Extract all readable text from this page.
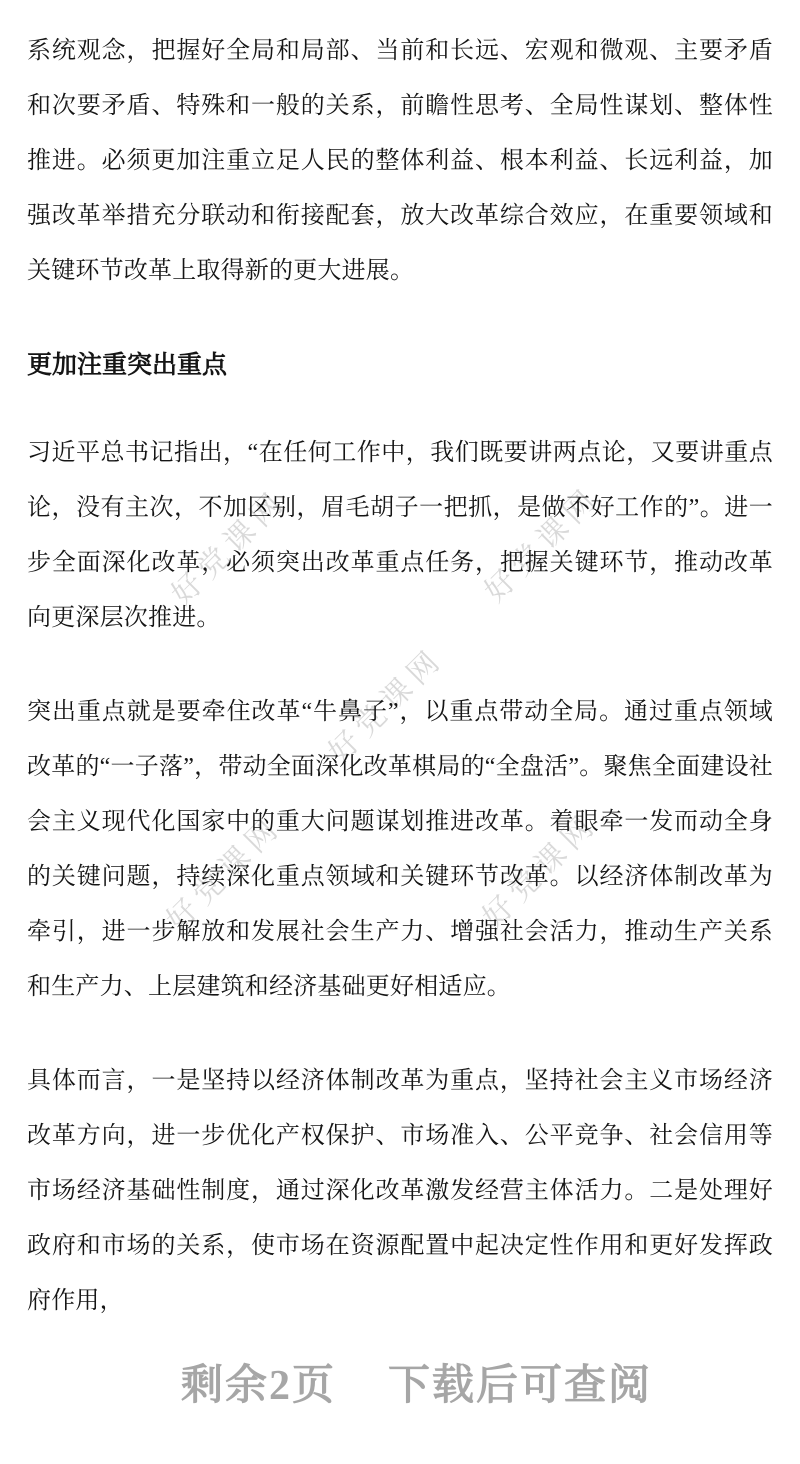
好党课网	好党课网
好党课网
好党课网	好党课网
系统观念，把握好全局和局部、当前和长远、宏观和微观、主要矛盾和次要矛盾、特殊和一般的关系，前瞻性思考、全局性谋划、整体性推进。必须更加注重立足人民的整体利益、根本利益、长远利益，加强改革举措充分联动和衔接配套，放大改革综合效应，在重要领域和关键环节改革上取得新的更大进展。
更加注重突出重点
习近平总书记指出，“在任何工作中，我们既要讲两点论，又要讲重点论，没有主次，不加区别，眉毛胡子一把抓，是做不好工作的”。进一步全面深化改革，必须突出改革重点任务，把握关键环节，推动改革向更深层次推进。
突出重点就是要牵住改革“牛鼻子”，以重点带动全局。通过重点领域改革的“一子落”，带动全面深化改革棋局的“全盘活”。聚焦全面建设社会主义现代化国家中的重大问题谋划推进改革。着眼牵一发而动全身的关键问题，持续深化重点领域和关键环节改革。以经济体制改革为牵引，进一步解放和发展社会生产力、增强社会活力，推动生产关系和生产力、上层建筑和经济基础更好相适应。
具体而言，一是坚持以经济体制改革为重点，坚持社会主义市场经济改革方向，进一步优化产权保护、市场准入、公平竞争、社会信用等市场经济基础性制度，通过深化改革激发经营主体活力。二是处理好政府和市场的关系，使市场在资源配置中起决定性作用和更好发挥政府作用，
剩余2页 下载后可查阅
